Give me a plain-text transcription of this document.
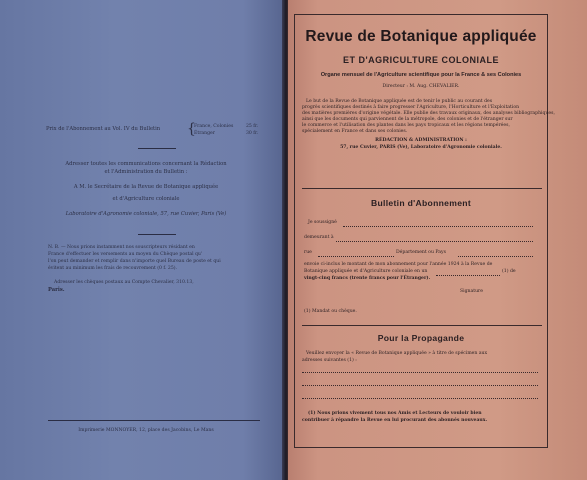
Prix de l'Abonnement au Vol. IV du Bulletin {
France, Colonies	25 fr.
Étranger	30 fr.
Adresser toutes les communications concernant la Rédaction
et l'Administration du Bulletin :
A M. le Secrétaire de la Revue de Botanique appliquée
et d'Agriculture coloniale
Laboratoire d'Agronomie coloniale, 57, rue Cuvier, Paris (Ve)
N. B. — Nous prions instamment nos souscripteurs résidant en
France d'effectuer les versements au moyen du Chèque postal qu'
l'on peut demander et remplir dans n'importe quel Bureau de poste et qui
évitent au minimum les frais de recouvrement (0 f. 25).
Adresser les chèques postaux au Compte Chevalier, 310.13,
Paris.
Imprimerie MONNOYER, 12, place des Jacobins, Le Mans
Revue de Botanique appliquée
ET D'AGRICULTURE COLONIALE
Organe mensuel de l'Agriculture scientifique pour la France & ses Colonies
Directeur : M. Aug. CHEVALIER.
Le but de la Revue de Botanique appliquée est de tenir le public au courant des
progrès scientifiques destinés à faire progresser l'Agriculture, l'Horticulture et l'Exploitation
des matières premières d'origine végétale. Elle publie des travaux originaux, des analyses bibliographiques,
ainsi que les documents qui parviennent de la métropole, des colonies et de l'étranger sur
le commerce et l'utilisation des plantes dans les pays tropicaux et les régions tempérées,
spécialement en France et dans ses colonies.
RÉDACTION & ADMINISTRATION :
57, rue Cuvier, PARIS (Ve), Laboratoire d'Agronomie coloniale.
Bulletin d'Abonnement
Je soussigné
demeurant à
rue	Département ou Pays
envoie ci-inclus le montant de mon abonnement pour l'année 1924 à la Revue de
Botanique appliquée et d'Agriculture coloniale en un	(1) de
vingt-cinq francs (trente francs pour l'Étranger).
Signature
(1) Mandat ou chèque.
Pour la Propagande
Veuillez envoyer la « Revue de Botanique appliquée » à titre de spécimen aux
adresses suivantes (1) :
(1) Nous prions vivement tous nos Amis et Lecteurs de vouloir bien
contribuer à répandre la Revue en lui procurant des abonnés nouveaux.
